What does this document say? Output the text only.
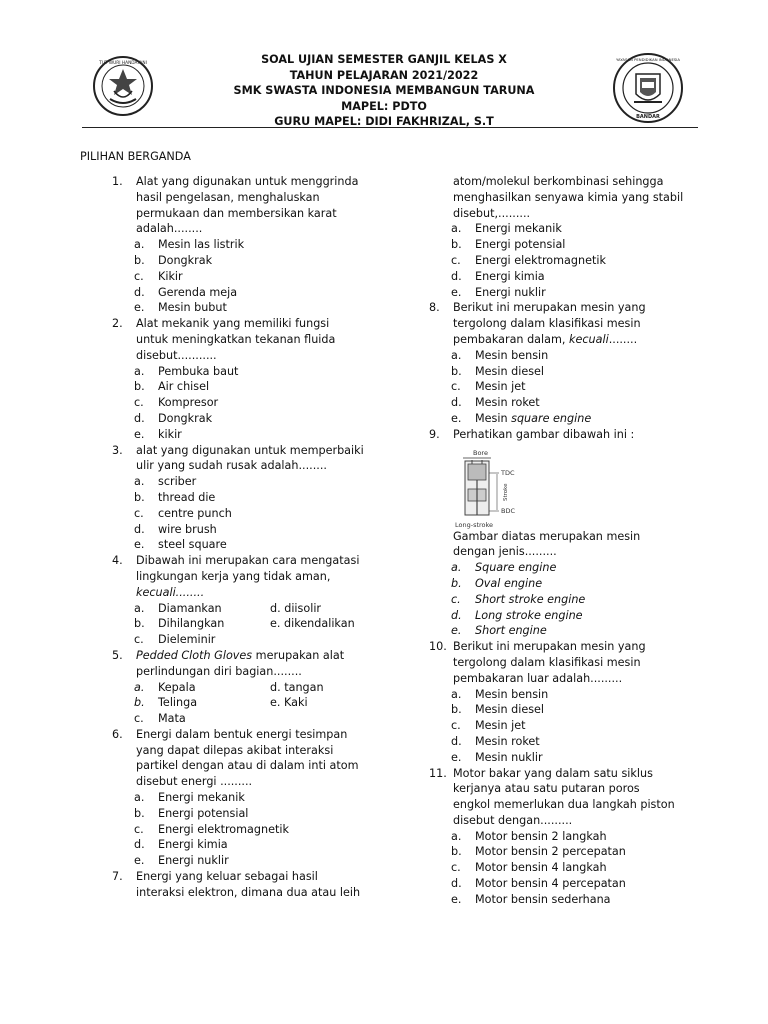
TUT WURI HANDAYANI
YAYASAN PENDIDIKAN INDONESIA
BANDAR
SOAL UJIAN SEMESTER GANJIL KELAS X
TAHUN PELAJARAN 2021/2022
SMK SWASTA INDONESIA MEMBANGUN TARUNA
MAPEL: PDTO
GURU MAPEL: DIDI FAKHRIZAL, S.T
PILIHAN BERGANDA
1. Alat yang digunakan untuk menggrinda
hasil pengelasan, menghaluskan
permukaan dan membersikan karat
adalah........
a. Mesin las listrik
b. Dongkrak
c. Kikir
d. Gerenda meja
e. Mesin bubut
2. Alat mekanik yang memiliki fungsi
untuk meningkatkan tekanan fluida
disebut...........
a. Pembuka baut
b. Air chisel
c. Kompresor
d. Dongkrak
e. kikir
3. alat yang digunakan untuk memperbaiki
ulir yang sudah rusak adalah........
a. scriber
b. thread die
c. centre punch
d. wire brush
e. steel square
4. Dibawah ini merupakan cara mengatasi
lingkungan kerja yang tidak aman,
kecuali........
a. Diamankan	d. diisolir
b. Dihilangkan	e. dikendalikan
c. Dieleminir
5. Pedded Cloth Gloves merupakan alat
perlindungan diri bagian........
a. Kepala	d. tangan
b. Telinga	e. Kaki
c. Mata
6. Energi dalam bentuk energi tesimpan
yang dapat dilepas akibat interaksi
partikel dengan atau di dalam inti atom
disebut energi .........
a. Energi mekanik
b. Energi potensial
c. Energi elektromagnetik
d. Energi kimia
e. Energi nuklir
7. Energi yang keluar sebagai hasil
interaksi elektron, dimana dua atau leih
atom/molekul berkombinasi sehingga
menghasilkan senyawa kimia yang stabil
disebut,.........
a. Energi mekanik
b. Energi potensial
c. Energi elektromagnetik
d. Energi kimia
e. Energi nuklir
8. Berikut ini merupakan mesin yang
tergolong dalam klasifikasi mesin
pembakaran dalam, kecuali........
a. Mesin bensin
b. Mesin diesel
c. Mesin jet
d. Mesin roket
e. Mesin square engine
9. Perhatikan gambar dibawah ini :
Bore
TDC
Stroke
BDC
Long-stroke
Gambar diatas merupakan mesin
dengan jenis.........
a. Square engine
b. Oval engine
c. Short stroke engine
d. Long stroke engine
e. Short engine
10. Berikut ini merupakan mesin yang
tergolong dalam klasifikasi mesin
pembakaran luar adalah.........
a. Mesin bensin
b. Mesin diesel
c. Mesin jet
d. Mesin roket
e. Mesin nuklir
11. Motor bakar yang dalam satu siklus
kerjanya atau satu putaran poros
engkol memerlukan dua langkah piston
disebut dengan.........
a. Motor bensin 2 langkah
b. Motor bensin 2 percepatan
c. Motor bensin 4 langkah
d. Motor bensin 4 percepatan
e. Motor bensin sederhana
